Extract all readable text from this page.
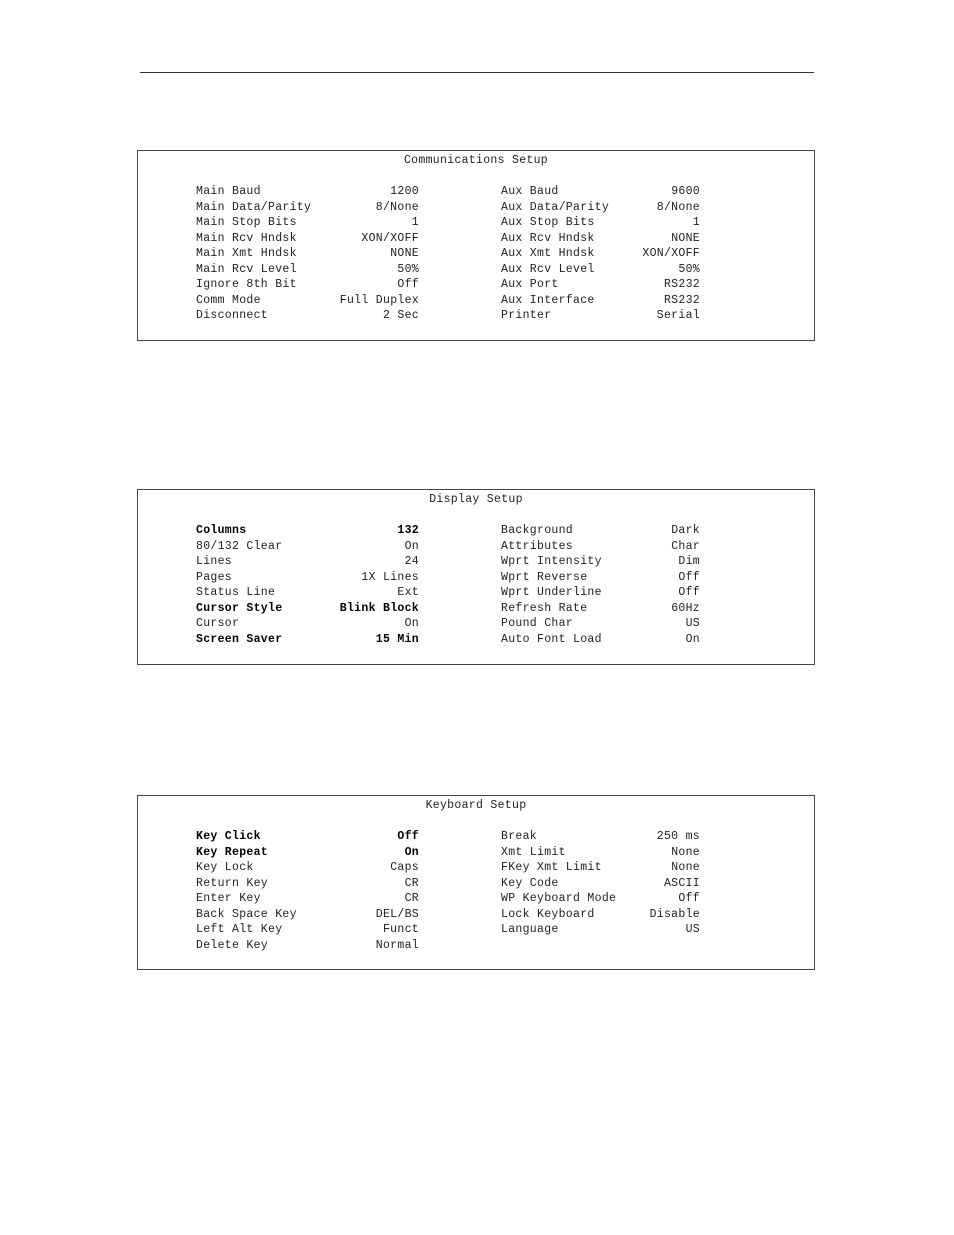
Communications Setup
Main Baud	1200	Aux Baud	9600
Main Data/Parity	8/None	Aux Data/Parity	8/None
Main Stop Bits	1	Aux Stop Bits	1
Main Rcv Hndsk	XON/XOFF	Aux Rcv Hndsk	NONE
Main Xmt Hndsk	NONE	Aux Xmt Hndsk	XON/XOFF
Main Rcv Level	50%	Aux Rcv Level	50%
Ignore 8th Bit	Off	Aux Port	RS232
Comm Mode	Full Duplex	Aux Interface	RS232
Disconnect	2 Sec	Printer	Serial
Display Setup
Columns	132	Background	Dark
80/132 Clear	On	Attributes	Char
Lines	24	Wprt Intensity	Dim
Pages	1X Lines	Wprt Reverse	Off
Status Line	Ext	Wprt Underline	Off
Cursor Style	Blink Block	Refresh Rate	60Hz
Cursor	On	Pound Char	US
Screen Saver	15 Min	Auto Font Load	On
Keyboard Setup
Key Click	Off	Break	250 ms
Key Repeat	On	Xmt Limit	None
Key Lock	Caps	FKey Xmt Limit	None
Return Key	CR	Key Code	ASCII
Enter Key	CR	WP Keyboard Mode	Off
Back Space Key	DEL/BS	Lock Keyboard	Disable
Left Alt Key	Funct	Language	US
Delete Key	Normal
